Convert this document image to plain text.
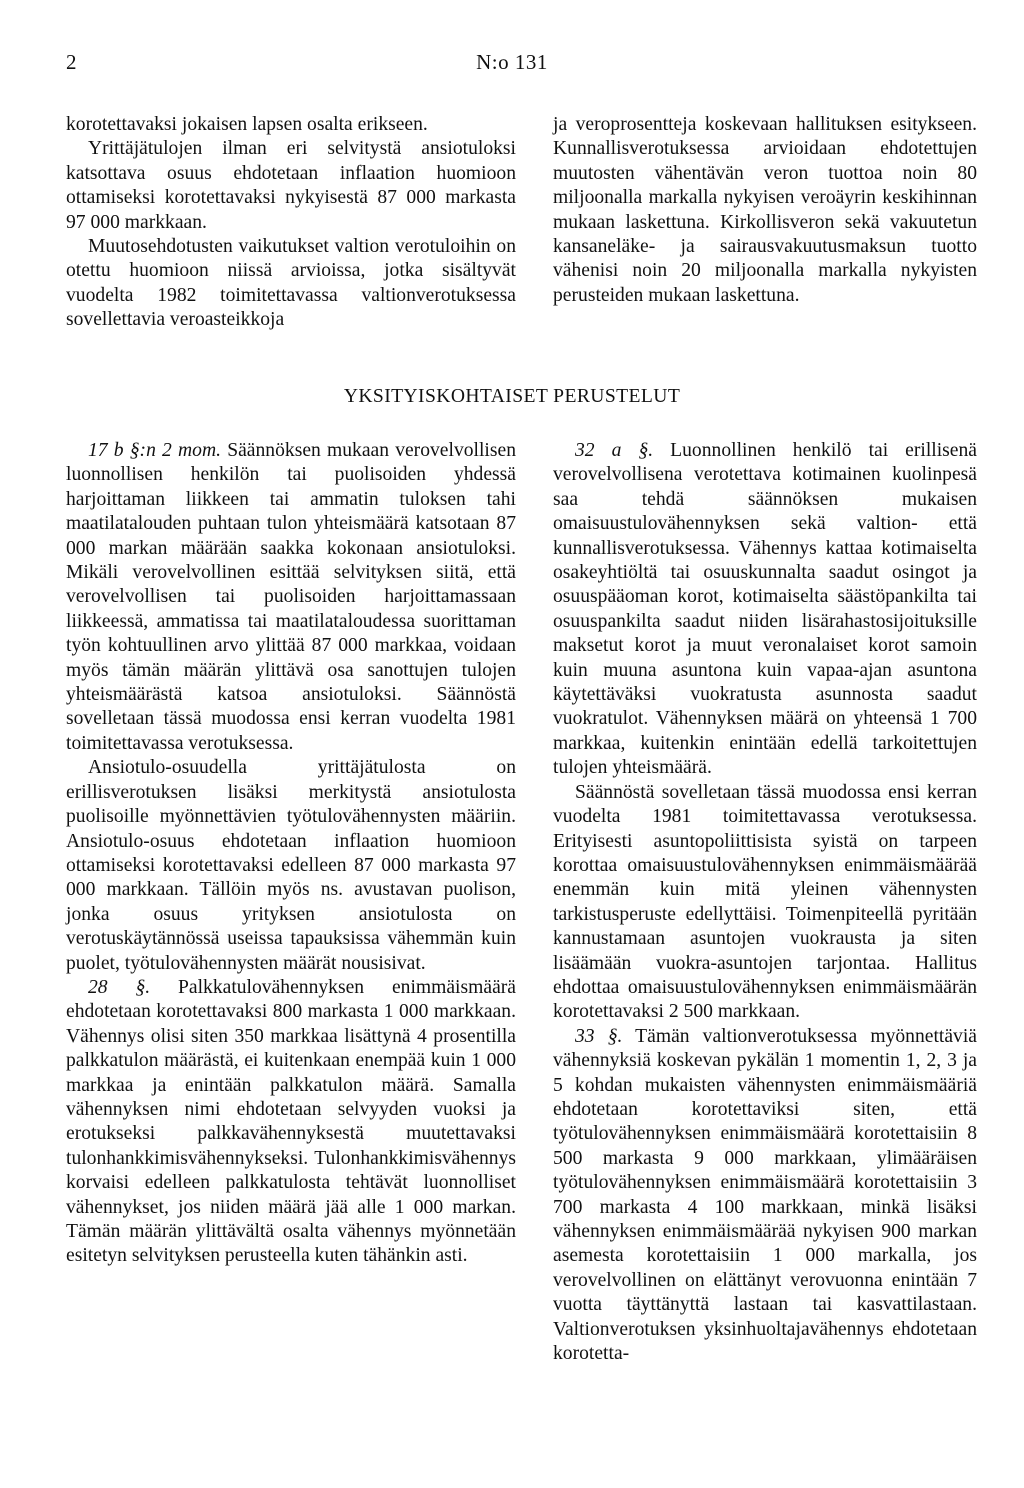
2	N:o 131

korotettavaksi jokaisen lapsen osalta erikseen.

Yrittäjätulojen ilman eri selvitystä ansiotuloksi katsottava osuus ehdotetaan inflaation huomioon ottamiseksi korotettavaksi nykyisestä 87 000 markasta 97 000 markkaan.

Muutosehdotusten vaikutukset valtion verotuloihin on otettu huomioon niissä arvioissa, jotka sisältyvät vuodelta 1982 toimitettavassa valtionverotuksessa sovellettavia veroasteikkoja

ja veroprosentteja koskevaan hallituksen esitykseen. Kunnallisverotuksessa arvioidaan ehdotettujen muutosten vähentävän veron tuottoa noin 80 miljoonalla markalla nykyisen veroäyrin keskihinnan mukaan laskettuna. Kirkollisveron sekä vakuutetun kansaneläke- ja sairausvakuutusmaksun tuotto vähenisi noin 20 miljoonalla markalla nykyisten perusteiden mukaan laskettuna.

YKSITYISKOHTAISET PERUSTELUT

17 b §:n 2 mom. Säännöksen mukaan verovelvollisen luonnollisen henkilön tai puolisoiden yhdessä harjoittaman liikkeen tai ammatin tuloksen tahi maatilatalouden puhtaan tulon yhteismäärä katsotaan 87 000 markan määrään saakka kokonaan ansiotuloksi. Mikäli verovelvollinen esittää selvityksen siitä, että verovelvollisen tai puolisoiden harjoittamassaan liikkeessä, ammatissa tai maatilataloudessa suorittaman työn kohtuullinen arvo ylittää 87 000 markkaa, voidaan myös tämän määrän ylittävä osa sanottujen tulojen yhteismäärästä katsoa ansiotuloksi. Säännöstä sovelletaan tässä muodossa ensi kerran vuodelta 1981 toimitettavassa verotuksessa.

Ansiotulo-osuudella yrittäjätulosta on erillisverotuksen lisäksi merkitystä ansiotulosta puolisoille myönnettävien työtulovähennysten määriin. Ansiotulo-osuus ehdotetaan inflaation huomioon ottamiseksi korotettavaksi edelleen 87 000 markasta 97 000 markkaan. Tällöin myös ns. avustavan puolison, jonka osuus yrityksen ansiotulosta on verotuskäytännössä useissa tapauksissa vähemmän kuin puolet, työtulovähennysten määrät nousisivat.

28 §. Palkkatulovähennyksen enimmäismäärä ehdotetaan korotettavaksi 800 markasta 1 000 markkaan. Vähennys olisi siten 350 markkaa lisättynä 4 prosentilla palkkatulon määrästä, ei kuitenkaan enempää kuin 1 000 markkaa ja enintään palkkatulon määrä. Samalla vähennyksen nimi ehdotetaan selvyyden vuoksi ja erotukseksi palkkavähennyksestä muutettavaksi tulonhankkimisvähennykseksi. Tulonhankkimisvähennys korvaisi edelleen palkkatulosta tehtävät luonnolliset vähennykset, jos niiden määrä jää alle 1 000 markan. Tämän määrän ylittävältä osalta vähennys myönnetään esitetyn selvityksen perusteella kuten tähänkin asti.

32 a §. Luonnollinen henkilö tai erillisenä verovelvollisena verotettava kotimainen kuolinpesä saa tehdä säännöksen mukaisen omaisuustulovähennyksen sekä valtion- että kunnallisverotuksessa. Vähennys kattaa kotimaiselta osakeyhtiöltä tai osuuskunnalta saadut osingot ja osuuspääoman korot, kotimaiselta säästöpankilta tai osuuspankilta saadut niiden lisärahastosijoituksille maksetut korot ja muut veronalaiset korot samoin kuin muuna asuntona kuin vapaa-ajan asuntona käytettäväksi vuokratusta asunnosta saadut vuokratulot. Vähennyksen määrä on yhteensä 1 700 markkaa, kuitenkin enintään edellä tarkoitettujen tulojen yhteismäärä.

Säännöstä sovelletaan tässä muodossa ensi kerran vuodelta 1981 toimitettavassa verotuksessa. Erityisesti asuntopoliittisista syistä on tarpeen korottaa omaisuustulovähennyksen enimmäismäärää enemmän kuin mitä yleinen vähennysten tarkistusperuste edellyttäisi. Toimenpiteellä pyritään kannustamaan asuntojen vuokrausta ja siten lisäämään vuokra-asuntojen tarjontaa. Hallitus ehdottaa omaisuustulovähennyksen enimmäismäärän korotettavaksi 2 500 markkaan.

33 §. Tämän valtionverotuksessa myönnettäviä vähennyksiä koskevan pykälän 1 momentin 1, 2, 3 ja 5 kohdan mukaisten vähennysten enimmäismääriä ehdotetaan korotettaviksi siten, että työtulovähennyksen enimmäismäärä korotettaisiin 8 500 markasta 9 000 markkaan, ylimääräisen työtulovähennyksen enimmäismäärä korotettaisiin 3 700 markasta 4 100 markkaan, minkä lisäksi vähennyksen enimmäismäärää nykyisen 900 markan asemesta korotettaisiin 1 000 markalla, jos verovelvollinen on elättänyt verovuonna enintään 7 vuotta täyttänyttä lastaan tai kasvattilastaan. Valtionverotuksen yksinhuoltajavähennys ehdotetaan korotetta-
